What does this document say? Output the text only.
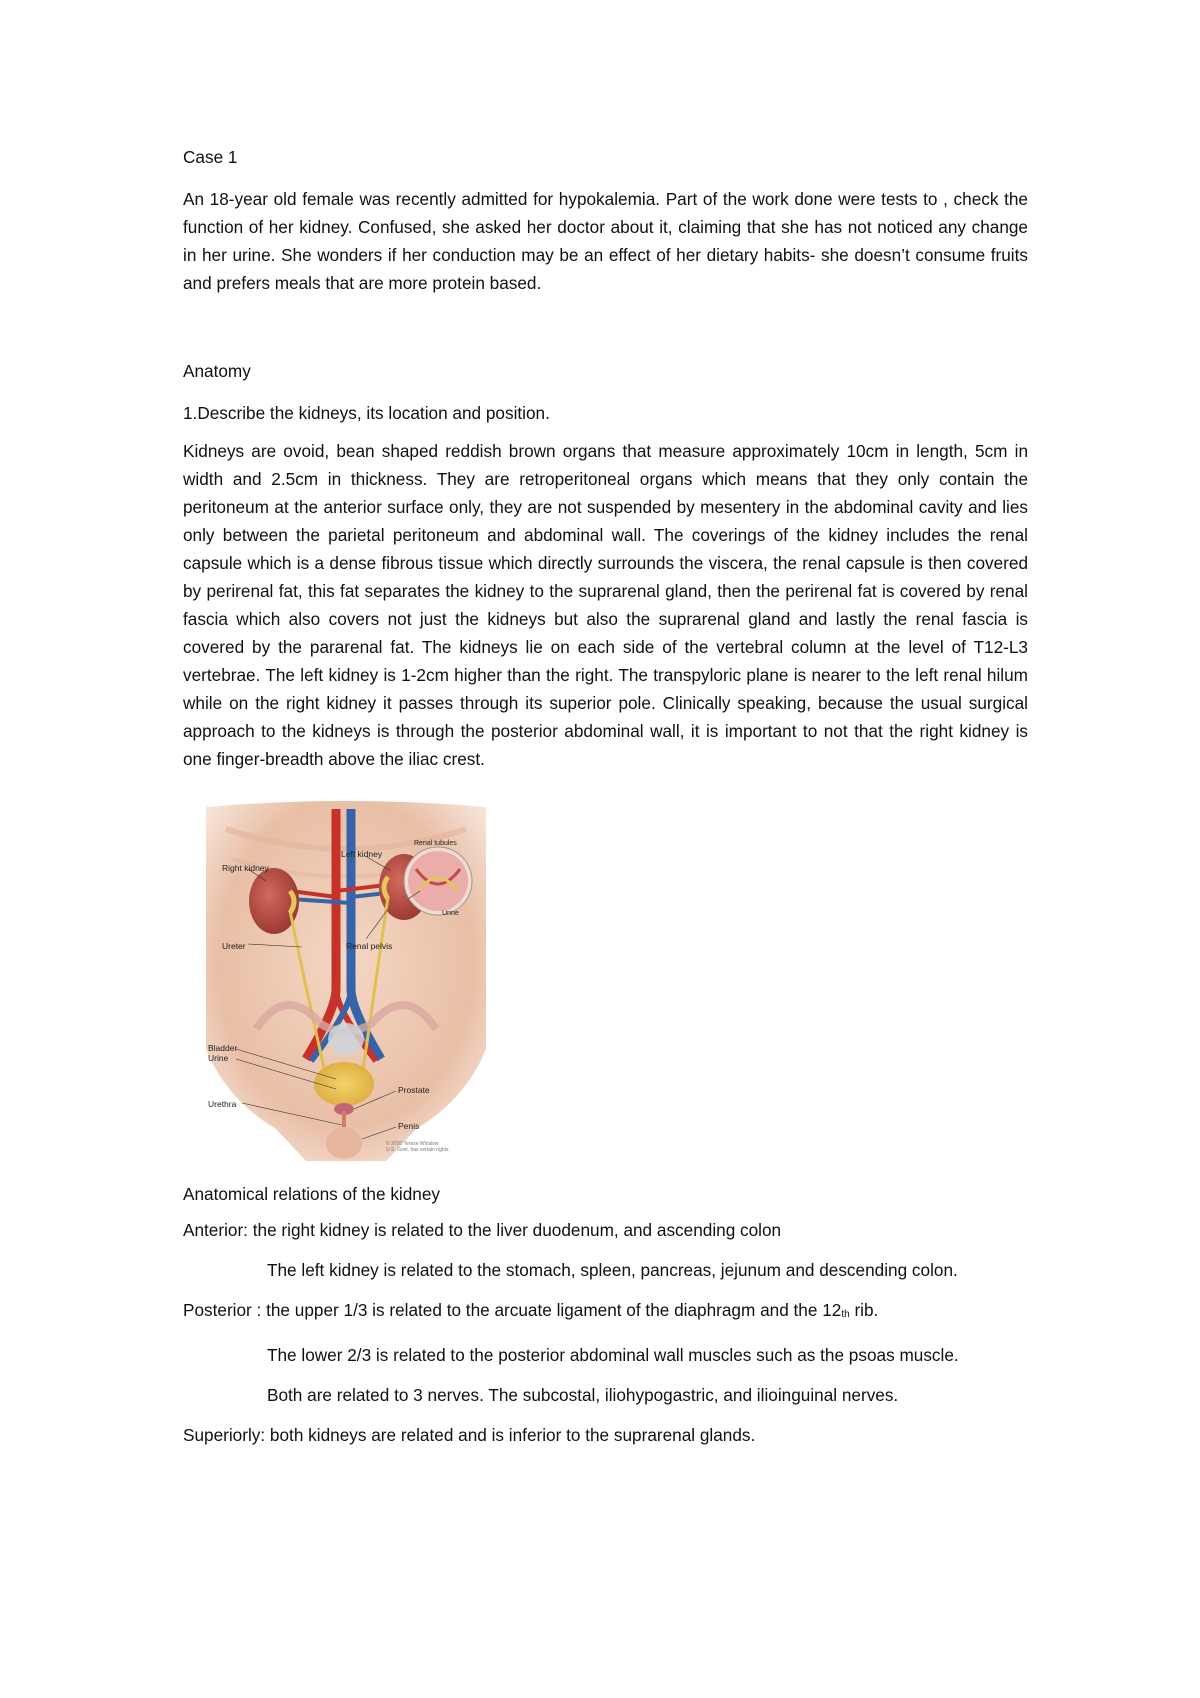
Case 1

An 18-year old female was recently admitted for hypokalemia. Part of the work done were tests to , check the function of her kidney. Confused, she asked her doctor about it, claiming that she has not noticed any change in her urine. She wonders if her conduction may be an effect of her dietary habits- she doesn’t consume fruits and prefers meals that are more protein based.

Anatomy

1.Describe the kidneys, its location and position.

Kidneys are ovoid, bean shaped reddish brown organs that measure approximately 10cm in length, 5cm in width and 2.5cm in thickness. They are retroperitoneal organs which means that they only contain the peritoneum at the anterior surface only, they are not suspended by mesentery in the abdominal cavity and lies only between the parietal peritoneum and abdominal wall. The coverings of the kidney includes the renal capsule which is a dense fibrous tissue which directly surrounds the viscera, the renal capsule is then covered by perirenal fat, this fat separates the kidney to the suprarenal gland, then the perirenal fat is covered by renal fascia which also covers not just the kidneys but also the suprarenal gland and lastly the renal fascia is covered by the pararenal fat. The kidneys lie on each side of the vertebral column at the level of T12-L3 vertebrae. The left kidney is 1-2cm higher than the right. The transpyloric plane is nearer to the left renal hilum while on the right kidney it passes through its superior pole. Clinically speaking, because the usual surgical approach to the kidneys is through the posterior abdominal wall, it is important to not that the right kidney is one finger-breadth above the iliac crest.

Right kidney
Left kidney
Renal tubules
Urine
Ureter	Renal pelvis
Bladder
Urine
Prostate
Urethra
Penis
© 2010 Terese Winslow
U.S. Govt. has certain rights

Anatomical relations of the kidney

Anterior: the right kidney is related to the liver duodenum, and ascending colon

The left kidney is related to the stomach, spleen, pancreas, jejunum and descending colon.

Posterior : the upper 1/3 is related to the arcuate ligament of the diaphragm and the 12th rib.

The lower 2/3 is related to the posterior abdominal wall muscles such as the psoas muscle.

Both are related to 3 nerves. The subcostal, iliohypogastric, and ilioinguinal nerves.

Superiorly: both kidneys are related and is inferior to the suprarenal glands.
